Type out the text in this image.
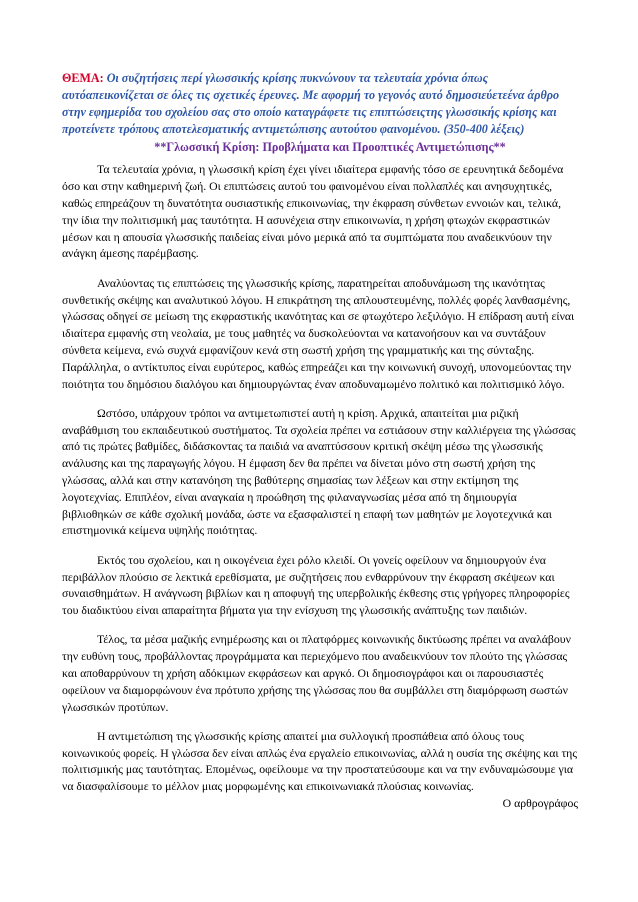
ΘΕΜΑ: Οι συζητήσεις περί γλωσσικής κρίσης πυκνώνουν τα τελευταία χρόνια όπως αυτόαπεικονίζεται σε όλες τις σχετικές έρευνες. Με αφορμή το γεγονός αυτό δημοσιεύετεένα άρθρο στην εφημερίδα του σχολείου σας στο οποίο καταγράφετε τις επιπτώσειςτης γλωσσικής κρίσης και προτείνετε τρόπους αποτελεσματικής αντιμετώπισης αυτούτου φαινομένου. (350-400 λέξεις)

**Γλωσσική Κρίση: Προβλήματα και Προοπτικές Αντιμετώπισης**

Τα τελευταία χρόνια, η γλωσσική κρίση έχει γίνει ιδιαίτερα εμφανής τόσο σε ερευνητικά δεδομένα όσο και στην καθημερινή ζωή. Οι επιπτώσεις αυτού του φαινομένου είναι πολλαπλές και ανησυχητικές, καθώς επηρεάζουν τη δυνατότητα ουσιαστικής επικοινωνίας, την έκφραση σύνθετων εννοιών και, τελικά, την ίδια την πολιτισμική μας ταυτότητα. Η ασυνέχεια στην επικοινωνία, η χρήση φτωχών εκφραστικών μέσων και η απουσία γλωσσικής παιδείας είναι μόνο μερικά από τα συμπτώματα που αναδεικνύουν την ανάγκη άμεσης παρέμβασης.

Αναλύοντας τις επιπτώσεις της γλωσσικής κρίσης, παρατηρείται αποδυνάμωση της ικανότητας συνθετικής σκέψης και αναλυτικού λόγου. Η επικράτηση της απλουστευμένης, πολλές φορές λανθασμένης, γλώσσας οδηγεί σε μείωση της εκφραστικής ικανότητας και σε φτωχότερο λεξιλόγιο. Η επίδραση αυτή είναι ιδιαίτερα εμφανής στη νεολαία, με τους μαθητές να δυσκολεύονται να κατανοήσουν και να συντάξουν σύνθετα κείμενα, ενώ συχνά εμφανίζουν κενά στη σωστή χρήση της γραμματικής και της σύνταξης. Παράλληλα, ο αντίκτυπος είναι ευρύτερος, καθώς επηρεάζει και την κοινωνική συνοχή, υπονομεύοντας την ποιότητα του δημόσιου διαλόγου και δημιουργώντας έναν αποδυναμωμένο πολιτικό και πολιτισμικό λόγο.

Ωστόσο, υπάρχουν τρόποι να αντιμετωπιστεί αυτή η κρίση. Αρχικά, απαιτείται μια ριζική αναβάθμιση του εκπαιδευτικού συστήματος. Τα σχολεία πρέπει να εστιάσουν στην καλλιέργεια της γλώσσας από τις πρώτες βαθμίδες, διδάσκοντας τα παιδιά να αναπτύσσουν κριτική σκέψη μέσω της γλωσσικής ανάλυσης και της παραγωγής λόγου. Η έμφαση δεν θα πρέπει να δίνεται μόνο στη σωστή χρήση της γλώσσας, αλλά και στην κατανόηση της βαθύτερης σημασίας των λέξεων και στην εκτίμηση της λογοτεχνίας. Επιπλέον, είναι αναγκαία η προώθηση της φιλαναγνωσίας μέσα από τη δημιουργία βιβλιοθηκών σε κάθε σχολική μονάδα, ώστε να εξασφαλιστεί η επαφή των μαθητών με λογοτεχνικά και επιστημονικά κείμενα υψηλής ποιότητας.

Εκτός του σχολείου, και η οικογένεια έχει ρόλο κλειδί. Οι γονείς οφείλουν να δημιουργούν ένα περιβάλλον πλούσιο σε λεκτικά ερεθίσματα, με συζητήσεις που ενθαρρύνουν την έκφραση σκέψεων και συναισθημάτων. Η ανάγνωση βιβλίων και η αποφυγή της υπερβολικής έκθεσης στις γρήγορες πληροφορίες του διαδικτύου είναι απαραίτητα βήματα για την ενίσχυση της γλωσσικής ανάπτυξης των παιδιών.

Τέλος, τα μέσα μαζικής ενημέρωσης και οι πλατφόρμες κοινωνικής δικτύωσης πρέπει να αναλάβουν την ευθύνη τους, προβάλλοντας προγράμματα και περιεχόμενο που αναδεικνύουν τον πλούτο της γλώσσας και αποθαρρύνουν τη χρήση αδόκιμων εκφράσεων και αργκό. Οι δημοσιογράφοι και οι παρουσιαστές οφείλουν να διαμορφώνουν ένα πρότυπο χρήσης της γλώσσας που θα συμβάλλει στη διαμόρφωση σωστών γλωσσικών προτύπων.

Η αντιμετώπιση της γλωσσικής κρίσης απαιτεί μια συλλογική προσπάθεια από όλους τους κοινωνικούς φορείς. Η γλώσσα δεν είναι απλώς ένα εργαλείο επικοινωνίας, αλλά η ουσία της σκέψης και της πολιτισμικής μας ταυτότητας. Επομένως, οφείλουμε να την προστατεύσουμε και να την ενδυναμώσουμε για να διασφαλίσουμε το μέλλον μιας μορφωμένης και επικοινωνιακά πλούσιας κοινωνίας.

Ο αρθρογράφος
